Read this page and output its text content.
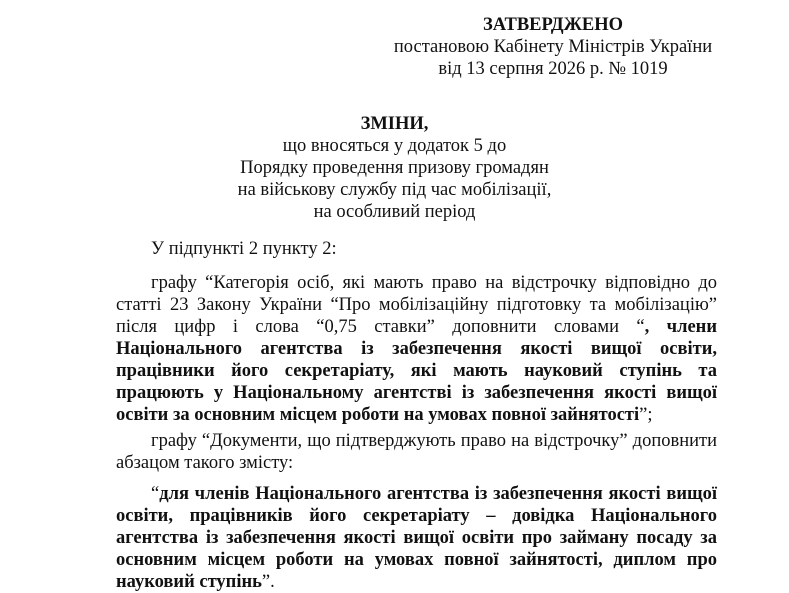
ЗАТВЕРДЖЕНО
постановою Кабінету Міністрів України
від 13 серпня 2026 р. № 1019
ЗМІНИ,
що вносяться у додаток 5 до
Порядку проведення призову громадян
на військову службу під час мобілізації,
на особливий період
У підпункті 2 пункту 2:
графу “Категорія осіб, які мають право на відстрочку відповідно до статті 23 Закону України “Про мобілізаційну підготовку та мобілізацію” після цифр і слова “0,75 ставки” доповнити словами “, члени Національного агентства із забезпечення якості вищої освіти, працівники його секретаріату, які мають науковий ступінь та працюють у Національному агентстві із забезпечення якості вищої освіти за основним місцем роботи на умовах повної зайнятості”;
графу “Документи, що підтверджують право на відстрочку” доповнити абзацом такого змісту:
“для членів Національного агентства із забезпечення якості вищої освіти, працівників його секретаріату – довідка Національного агентства із забезпечення якості вищої освіти про займану посаду за основним місцем роботи на умовах повної зайнятості, диплом про науковий ступінь”.
